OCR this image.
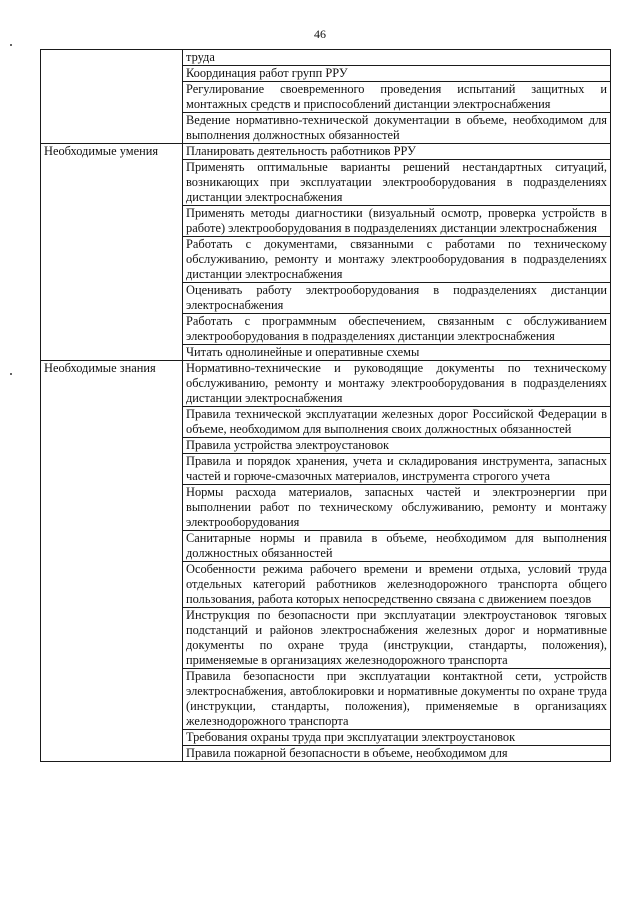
46
	труда
	Координация работ групп РРУ
	Регулирование своевременного проведения испытаний защитных и монтажных средств и приспособлений дистанции электроснабжения
	Ведение нормативно-технической документации в объеме, необходимом для выполнения должностных обязанностей
Необходимые умения	Планировать деятельность работников РРУ
	Применять оптимальные варианты решений нестандартных ситуаций, возникающих при эксплуатации электрооборудования в подразделениях дистанции электроснабжения
	Применять методы диагностики (визуальный осмотр, проверка устройств в работе) электрооборудования в подразделениях дистанции электроснабжения
	Работать с документами, связанными с работами по техническому обслуживанию, ремонту и монтажу электрооборудования в подразделениях дистанции электроснабжения
	Оценивать работу электрооборудования в подразделениях дистанции электроснабжения
	Работать с программным обеспечением, связанным с обслуживанием электрооборудования в подразделениях дистанции электроснабжения
	Читать однолинейные и оперативные схемы
Необходимые знания	Нормативно-технические и руководящие документы по техническому обслуживанию, ремонту и монтажу электрооборудования в подразделениях дистанции электроснабжения
	Правила технической эксплуатации железных дорог Российской Федерации в объеме, необходимом для выполнения своих должностных обязанностей
	Правила устройства электроустановок
	Правила и порядок хранения, учета и складирования инструмента, запасных частей и горюче-смазочных материалов, инструмента строгого учета
	Нормы расхода материалов, запасных частей и электроэнергии при выполнении работ по техническому обслуживанию, ремонту и монтажу электрооборудования
	Санитарные нормы и правила в объеме, необходимом для выполнения должностных обязанностей
	Особенности режима рабочего времени и времени отдыха, условий труда отдельных категорий работников железнодорожного транспорта общего пользования, работа которых непосредственно связана с движением поездов
	Инструкция по безопасности при эксплуатации электроустановок тяговых подстанций и районов электроснабжения железных дорог и нормативные документы по охране труда (инструкции, стандарты, положения), применяемые в организациях железнодорожного транспорта
	Правила безопасности при эксплуатации контактной сети, устройств электроснабжения, автоблокировки и нормативные документы по охране труда (инструкции, стандарты, положения), применяемые в организациях железнодорожного транспорта
	Требования охраны труда при эксплуатации электроустановок
	Правила пожарной безопасности в объеме, необходимом для
